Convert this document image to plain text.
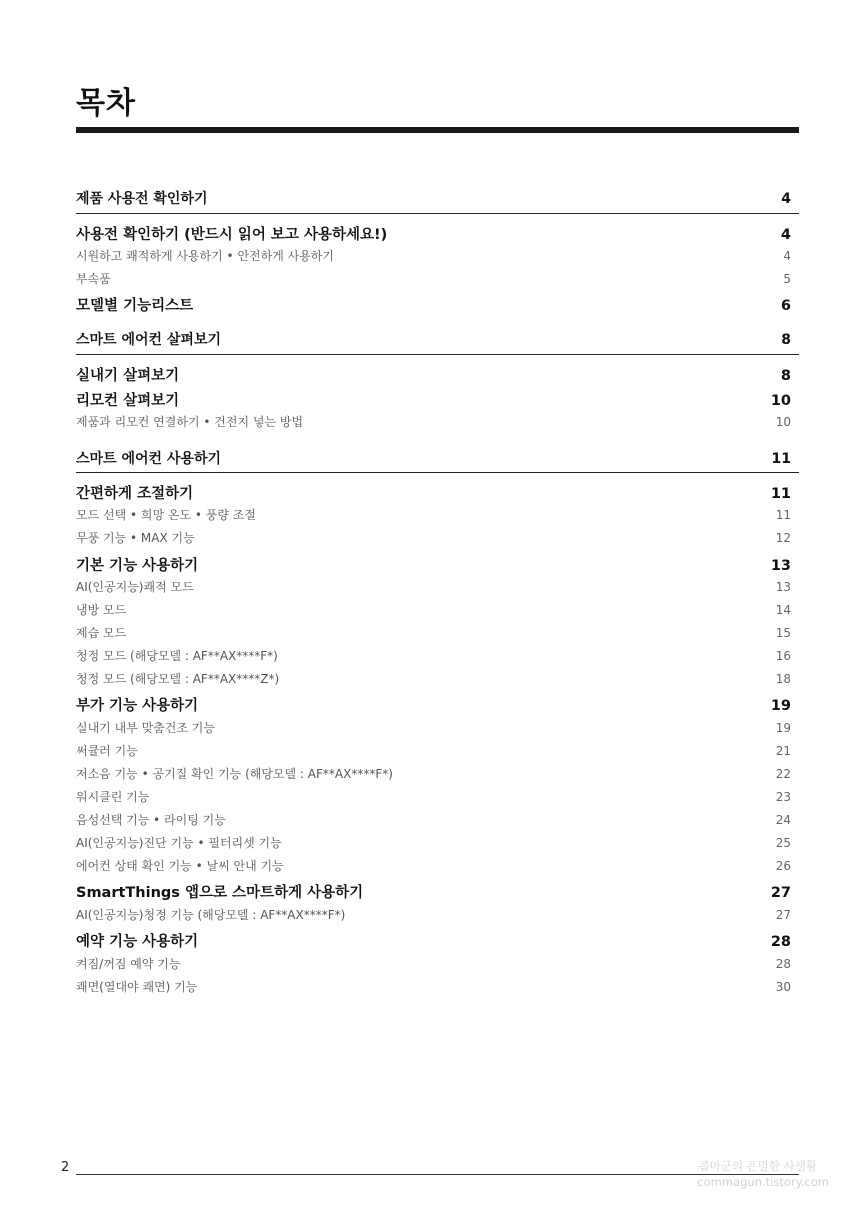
목차
제품 사용전 확인하기	4
사용전 확인하기 (반드시 읽어 보고 사용하세요!)	4
시원하고 쾌적하게 사용하기 • 안전하게 사용하기	4
부속품	5
모델별 기능리스트	6
스마트 에어컨 살펴보기	8
실내기 살펴보기	8
리모컨 살펴보기	10
제품과 리모컨 연결하기 • 건전지 넣는 방법	10
스마트 에어컨 사용하기	11
간편하게 조절하기	11
모드 선택 • 희망 온도 • 풍량 조절	11
무풍 기능 • MAX 기능	12
기본 기능 사용하기	13
AI(인공지능)쾌적 모드	13
냉방 모드	14
제습 모드	15
청정 모드 (해당모델 : AF**AX****F*)	16
청정 모드 (해당모델 : AF**AX****Z*)	18
부가 기능 사용하기	19
실내기 내부 맞춤건조 기능	19
써큘러 기능	21
저소음 기능 • 공기질 확인 기능 (해당모델 : AF**AX****F*)	22
워시클린 기능	23
음성선택 기능 • 라이팅 기능	24
AI(인공지능)진단 기능 • 필터리셋 기능	25
에어컨 상태 확인 기능 • 날씨 안내 기능	26
SmartThings 앱으로 스마트하게 사용하기	27
AI(인공지능)청정 기능 (해당모델 : AF**AX****F*)	27
예약 기능 사용하기	28
켜짐/꺼짐 예약 기능	28
쾌면(열대야 쾌면) 기능	30
2	콤마군의 은밀한 사생활
commagun.tistory.com
